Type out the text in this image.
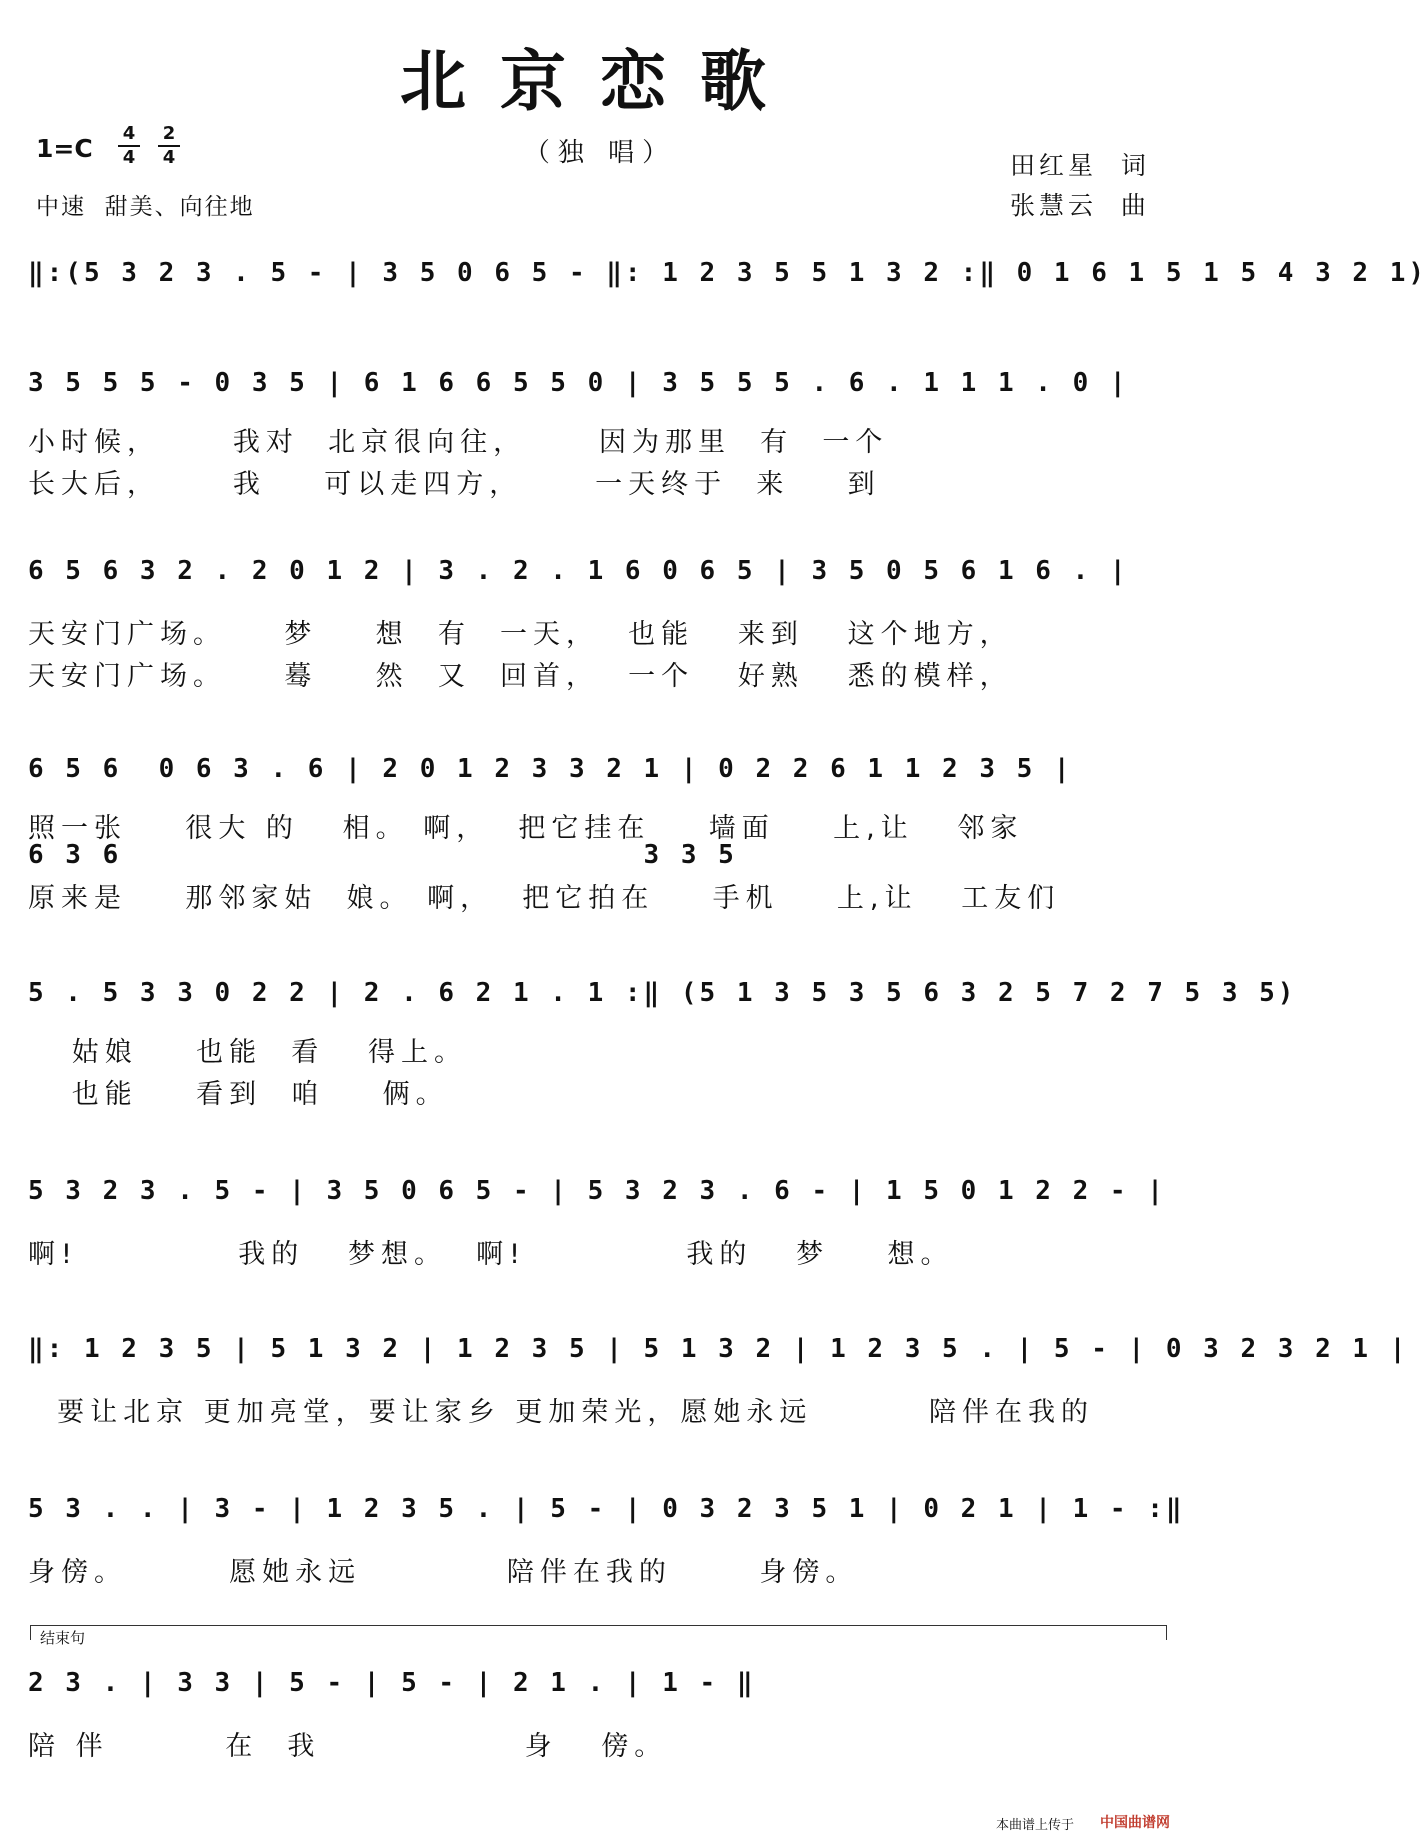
北京恋歌
（独 唱）
1=C
4
4
2
4
中速  甜美、向往地
田红星  词
张慧云  曲
‖:(5 3 2 3 . 5 - | 3 5 0 6 5 - ‖: 1 2 3 5 5 1 3 2 :‖ 0 1 6 1 5 1 5 4 3 2 1)
3 5 5 5 - 0 3 5 | 6 1 6 6 5 5 0 | 3 5 5 5 . 6 . 1 1 1 . 0 |
小时候，     我对  北京很向往，     因为那里  有  一个
长大后，     我    可以走四方，     一天终于  来    到
6 5 6 3 2 . 2 0 1 2 | 3 . 2 . 1 6 0 6 5 | 3 5 0 5 6 1 6 . |
天安门广场。    梦    想  有  一天，  也能   来到   这个地方，
天安门广场。    蓦    然  又  回首，  一个   好熟   悉的模样，
6 5 6  0 6 3 . 6 | 2 0 1 2 3 3 2 1 | 0 2 2 6 1 1 2 3 5 |
照一张    很大 的   相。 啊，  把它挂在    墙面    上,让   邻家
6 3 6                            3 3 5
原来是    那邻家姑  娘。 啊，  把它拍在    手机    上,让   工友们
5 . 5 3 3 0 2 2 | 2 . 6 2 1 . 1 :‖ (5 1 3 5 3 5 6 3 2 5 7 2 7 5 3 5)
姑娘    也能  看   得上。
也能    看到  咱    俩。
5 3 2 3 . 5 - | 3 5 0 6 5 - | 5 3 2 3 . 6 - | 1 5 0 1 2 2 - |
啊!           我的   梦想。  啊!           我的   梦    想。
‖: 1 2 3 5 | 5 1 3 2 | 1 2 3 5 | 5 1 3 2 | 1 2 3 5 . | 5 - | 0 3 2 3 2 1 |
要让北京 更加亮堂，要让家乡 更加荣光，愿她永远        陪伴在我的
5 3 . . | 3 - | 1 2 3 5 . | 5 - | 0 3 2 3 5 1 | 0 2 1 | 1 - :‖
身傍。       愿她永远          陪伴在我的      身傍。
结束句
2 3 . | 3 3 | 5 - | 5 - | 2 1 . | 1 - ‖
陪 伴        在  我              身   傍。
本曲谱上传于 中国曲谱网
